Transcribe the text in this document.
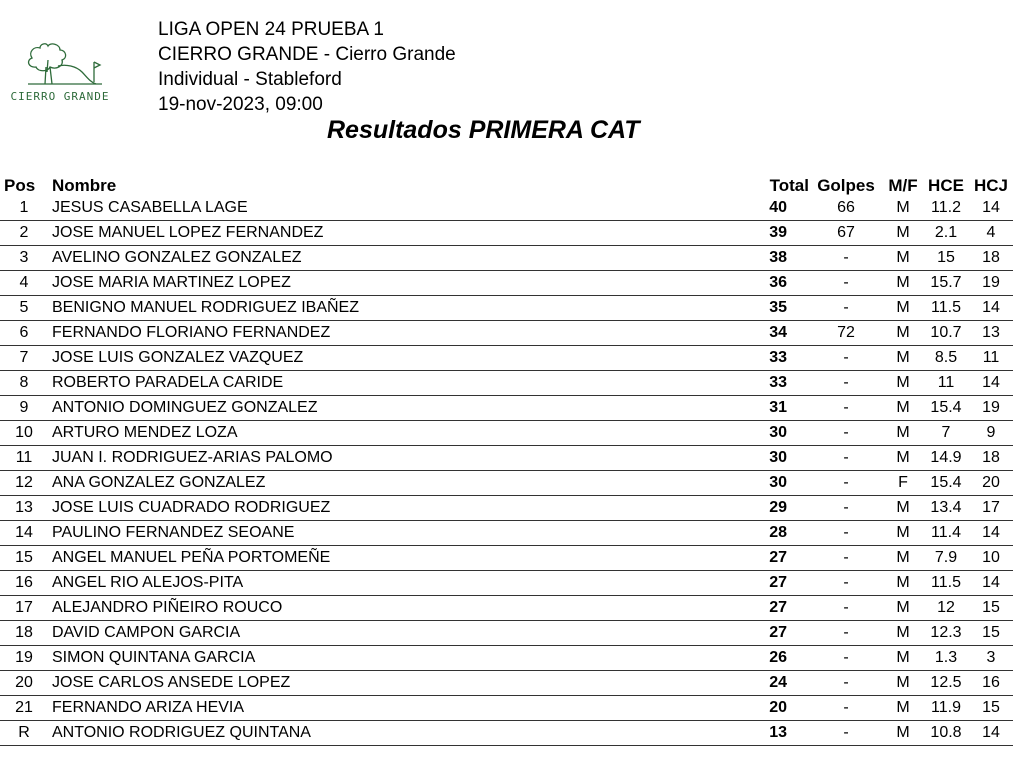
CIERRO GRANDE
LIGA OPEN 24 PRUEBA 1
CIERRO GRANDE - Cierro Grande
Individual - Stableford
19-nov-2023, 09:00
Resultados PRIMERA CAT
Pos	Nombre	Total	Golpes	M/F	HCE	HCJ
1	JESUS CASABELLA LAGE	40	66	M	11.2	14
2	JOSE MANUEL LOPEZ FERNANDEZ	39	67	M	2.1	4
3	AVELINO GONZALEZ GONZALEZ	38	-	M	15	18
4	JOSE MARIA MARTINEZ LOPEZ	36	-	M	15.7	19
5	BENIGNO MANUEL RODRIGUEZ IBAÑEZ	35	-	M	11.5	14
6	FERNANDO FLORIANO FERNANDEZ	34	72	M	10.7	13
7	JOSE LUIS GONZALEZ VAZQUEZ	33	-	M	8.5	11
8	ROBERTO PARADELA CARIDE	33	-	M	11	14
9	ANTONIO DOMINGUEZ GONZALEZ	31	-	M	15.4	19
10	ARTURO MENDEZ LOZA	30	-	M	7	9
11	JUAN I. RODRIGUEZ-ARIAS PALOMO	30	-	M	14.9	18
12	ANA GONZALEZ GONZALEZ	30	-	F	15.4	20
13	JOSE LUIS CUADRADO RODRIGUEZ	29	-	M	13.4	17
14	PAULINO FERNANDEZ SEOANE	28	-	M	11.4	14
15	ANGEL MANUEL PEÑA PORTOMEÑE	27	-	M	7.9	10
16	ANGEL RIO ALEJOS-PITA	27	-	M	11.5	14
17	ALEJANDRO PIÑEIRO ROUCO	27	-	M	12	15
18	DAVID CAMPON GARCIA	27	-	M	12.3	15
19	SIMON QUINTANA GARCIA	26	-	M	1.3	3
20	JOSE CARLOS ANSEDE LOPEZ	24	-	M	12.5	16
21	FERNANDO ARIZA HEVIA	20	-	M	11.9	15
R	ANTONIO RODRIGUEZ QUINTANA	13	-	M	10.8	14
